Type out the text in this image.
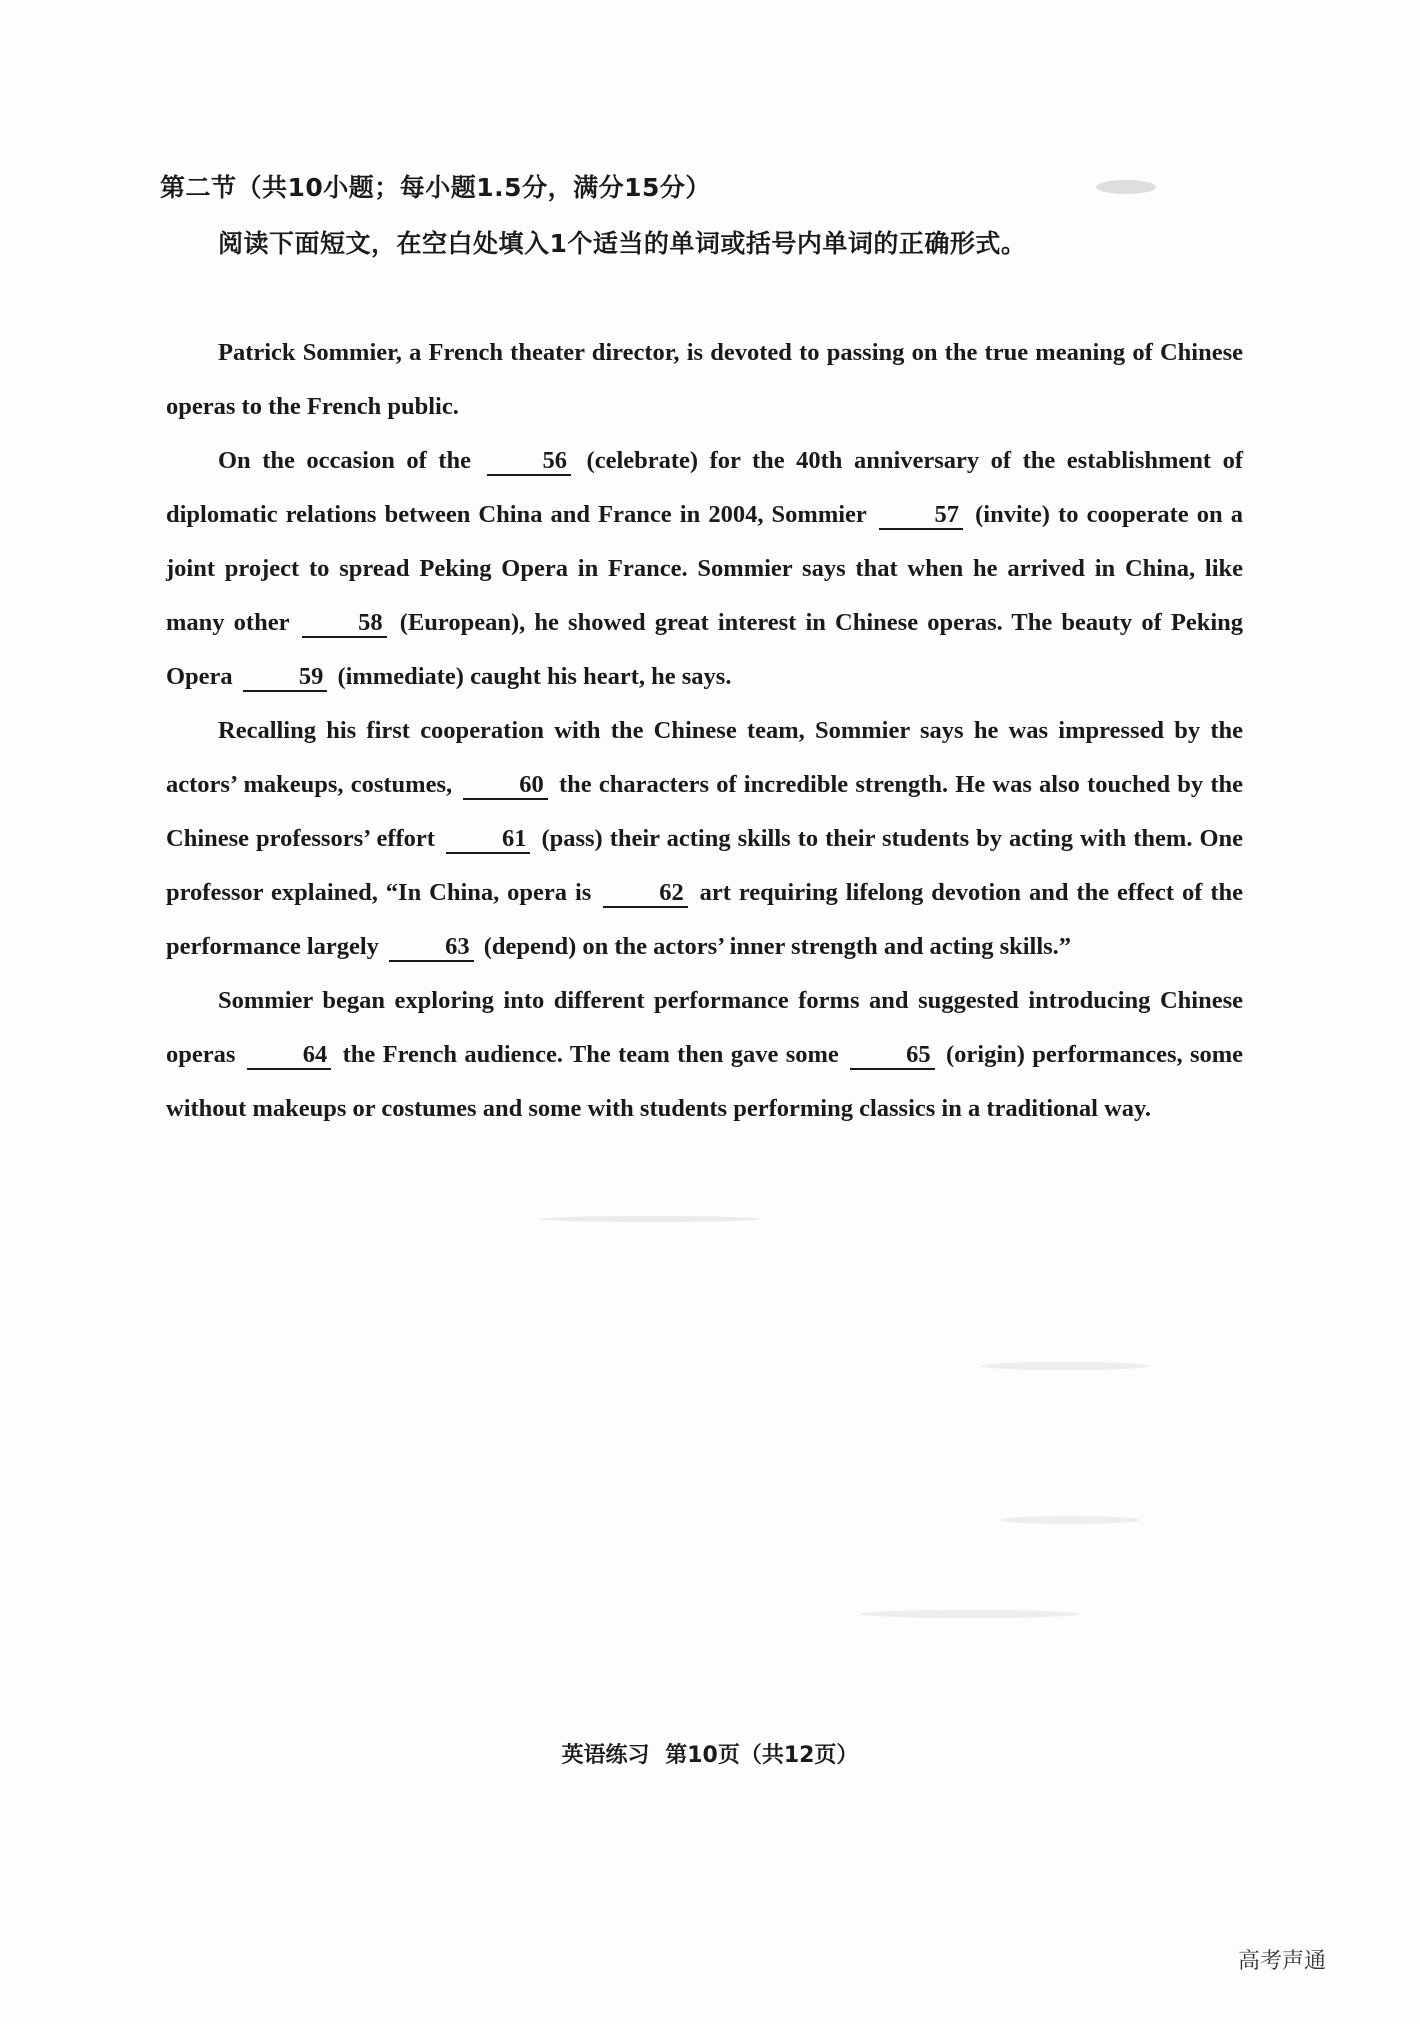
第二节（共10小题；每小题1.5分，满分15分）
阅读下面短文，在空白处填入1个适当的单词或括号内单词的正确形式。

Patrick Sommier, a French theater director, is devoted to passing on the true meaning of Chinese operas to the French public.

On the occasion of the	56 (celebrate) for the 40th anniversary of the establishment of diplomatic relations between China and France in 2004, Sommier	57 (invite) to cooperate on a joint project to spread Peking Opera in France. Sommier says that when he arrived in China, like many other	58 (European), he showed great interest in Chinese operas. The beauty of Peking Opera	59 (immediate) caught his heart, he says.

Recalling his first cooperation with the Chinese team, Sommier says he was impressed by the actors’ makeups, costumes,	60 the characters of incredible strength. He was also touched by the Chinese professors’ effort	61 (pass) their acting skills to their students by acting with them. One professor explained, “In China, opera is	62 art requiring lifelong devotion and the effect of the performance largely	63 (depend) on the actors’ inner strength and acting skills.”

Sommier began exploring into different performance forms and suggested introducing Chinese operas	64 the French audience. The team then gave some	65 (origin) performances, some without makeups or costumes and some with students performing classics in a traditional way.

英语练习 第10页（共12页）
高考声通
